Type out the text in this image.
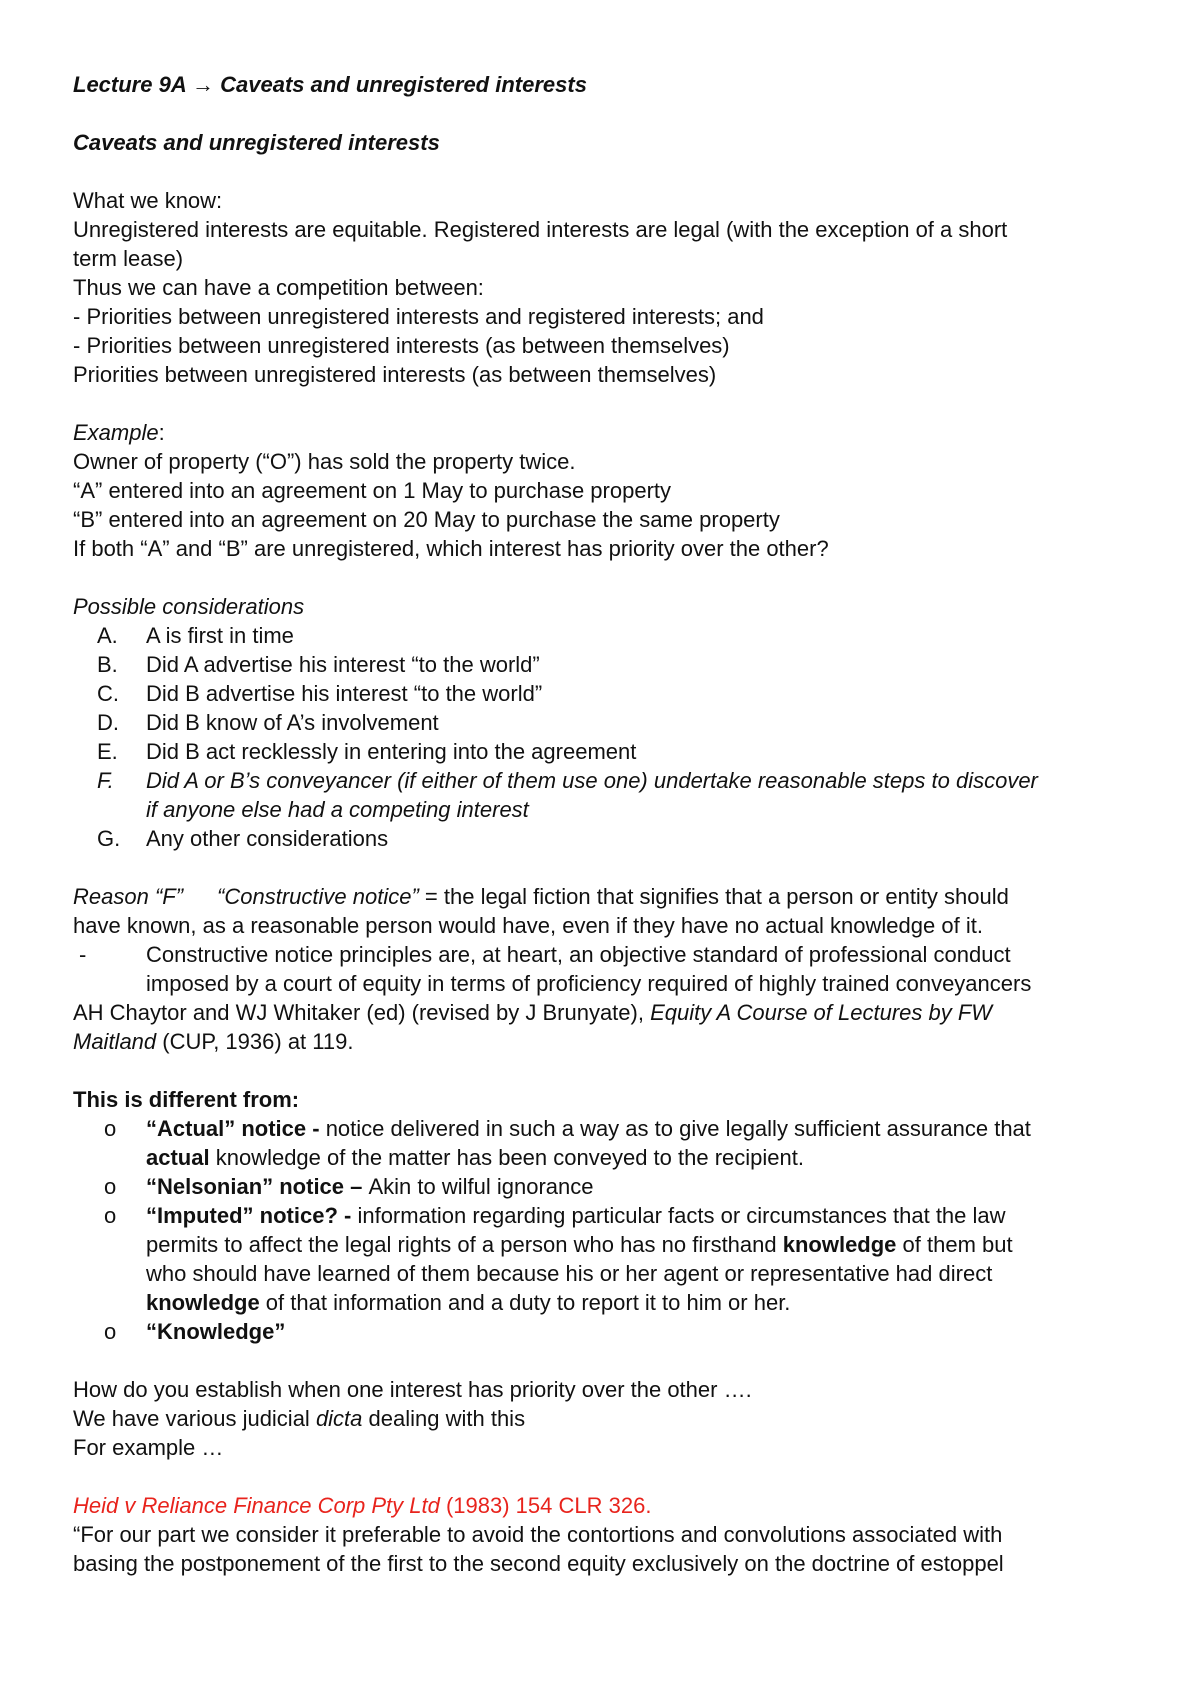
Lecture 9A → Caveats and unregistered interests

Caveats and unregistered interests

What we know:

Unregistered interests are equitable. Registered interests are legal (with the exception of a short

term lease)

Thus we can have a competition between:

- Priorities between unregistered interests and registered interests; and

- Priorities between unregistered interests (as between themselves)

Priorities between unregistered interests (as between themselves)

Example:

Owner of property (“O”) has sold the property twice.

“A” entered into an agreement on 1 May to purchase property

“B” entered into an agreement on 20 May to purchase the same property

If both “A” and “B” are unregistered, which interest has priority over the other?

Possible considerations

A. A is first in time
B. Did A advertise his interest “to the world”
C. Did B advertise his interest “to the world”
D. Did B know of A’s involvement
E. Did B act recklessly in entering into the agreement
F. Did A or B’s conveyancer (if either of them use one) undertake reasonable steps to discover
if anyone else had a competing interest
G. Any other considerations

Reason “F” “Constructive notice” = the legal fiction that signifies that a person or entity should

have known, as a reasonable person would have, even if they have no actual knowledge of it.

-	Constructive notice principles are, at heart, an objective standard of professional conduct
imposed by a court of equity in terms of proficiency required of highly trained conveyancers

AH Chaytor and WJ Whitaker (ed) (revised by J Brunyate), Equity A Course of Lectures by FW

Maitland (CUP, 1936) at 119.

This is different from:

o “Actual” notice - notice delivered in such a way as to give legally sufficient assurance that
actual knowledge of the matter has been conveyed to the recipient.
o “Nelsonian” notice – Akin to wilful ignorance
o “Imputed” notice? - information regarding particular facts or circumstances that the law
permits to affect the legal rights of a person who has no firsthand knowledge of them but
who should have learned of them because his or her agent or representative had direct
knowledge of that information and a duty to report it to him or her.
o “Knowledge”

How do you establish when one interest has priority over the other ….

We have various judicial dicta dealing with this

For example …

Heid v Reliance Finance Corp Pty Ltd (1983) 154 CLR 326.

“For our part we consider it preferable to avoid the contortions and convolutions associated with

basing the postponement of the first to the second equity exclusively on the doctrine of estoppel
